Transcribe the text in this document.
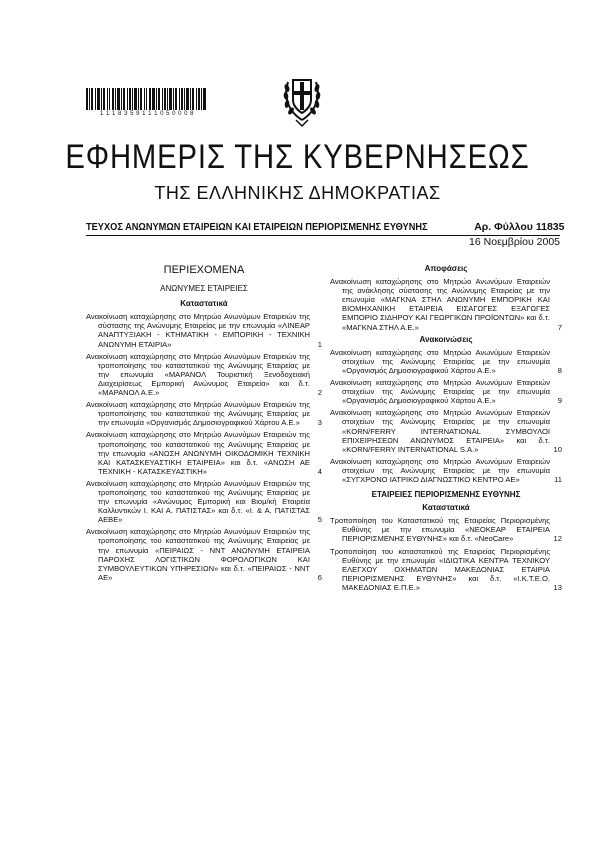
1 1 1 8 3 5 9 1 1 1 0 5 0 0 0 8
ΕΦΗΜΕΡΙΣ ΤΗΣ ΚΥΒΕΡΝΗΣΕΩΣ
ΤΗΣ ΕΛΛΗΝΙΚΗΣ ΔΗΜΟΚΡΑΤΙΑΣ
ΤΕΥΧΟΣ ΑΝΩΝΥΜΩΝ ΕΤΑΙΡΕΙΩΝ ΚΑΙ ΕΤΑΙΡΕΙΩΝ ΠΕΡΙΟΡΙΣΜΕΝΗΣ ΕΥΘΥΝΗΣ	Αρ. Φύλλου 11835
16 Νοεμβρίου 2005
ΠΕΡΙΕΧΟΜΕΝΑ
ΑΝΩΝΥΜΕΣ ΕΤΑΙΡΕΙΕΣ
Καταστατικά
Ανακοίνωση καταχώρησης στο Μητρώο Ανωνύμων Εταιρειών της σύστασης της Ανώνυμης Εταιρείας με την επωνυμία «ΛΙΝΕΑΡ ΑΝΑΠΤΥΞΙΑΚΗ - ΚΤΗΜΑΤΙΚΗ - ΕΜΠΟΡΙΚΗ - ΤΕΧΝΙΚΗ ΑΝΩΝΥΜΗ ΕΤΑΙΡΙΑ»	1
Ανακοίνωση καταχώρησης στο Μητρώο Ανωνύμων Εταιρειών της τροποποίησης του καταστατικού της Ανώνυμης Εταιρείας με την επωνυμία «ΜΑΡΑΝΟΛ Τουριστική Ξενοδοχειακή Διαχειρίσεως Εμπορική Ανώνυμος Εταιρεία» και δ.τ. «ΜΑΡΑΝΟΛ Α.Ε.»	2
Ανακοίνωση καταχώρησης στο Μητρώο Ανωνύμων Εταιρειών της τροποποίησης του καταστατικού της Ανώνυμης Εταιρείας με την επωνυμία «Οργανισμός Δημοσιογραφικού Χάρτου Α.Ε.»	3
Ανακοίνωση καταχώρησης στο Μητρώο Ανωνύμων Εταιρειών της τροποποίησης του καταστατικού της Ανώνυμης Εταιρείας με την επωνυμία «ΑΝΩΣΗ ΑΝΩΝΥΜΗ ΟΙΚΟΔΟΜΙΚΗ ΤΕΧΝΙΚΗ ΚΑΙ ΚΑΤΑΣΚΕΥΑΣΤΙΚΗ ΕΤΑΙΡΕΙΑ» και δ.τ. «ΑΝΩΣΗ ΑΕ ΤΕΧΝΙΚΗ - ΚΑΤΑΣΚΕΥΑΣΤΙΚΗ»	4
Ανακοίνωση καταχώρησης στο Μητρώο Ανωνύμων Εταιρειών της τροποποίησης του καταστατικού της Ανώνυμης Εταιρείας με την επωνυμία «Ανώνυμος Εμπορική και Βιομ/κή Εταιρεία Καλλυντικών Ι. ΚΑΙ Α. ΠΑΤΙΣΤΑΣ» και δ.τ. «Ι. & Α. ΠΑΤΙΣΤΑΣ ΑΕΒΕ»	5
Ανακοίνωση καταχώρησης στο Μητρώο Ανωνύμων Εταιρειών της τροποποίησης του καταστατικού της Ανώνυμης Εταιρείας με την επωνυμία «ΠΕΙΡΑΙΩΣ - ΝΝΤ ΑΝΩΝΥΜΗ ΕΤΑΙΡΕΙΑ ΠΑΡΟΧΗΣ ΛΟΓΙΣΤΙΚΩΝ ΦΟΡΟΛΟΓΙΚΩΝ ΚΑΙ ΣΥΜΒΟΥΛΕΥΤΙΚΩΝ ΥΠΗΡΕΣΙΩΝ» και δ.τ. «ΠΕΙΡΑΙΩΣ - ΝΝΤ ΑΕ»	6
Αποφάσεις
Ανακοίνωση καταχώρησης στο Μητρώο Ανωνύμων Εταιρειών της ανάκλησης σύστασης της Ανώνυμης Εταιρείας με την επωνυμία «ΜΑΓΚΝΑ ΣΤΗΛ ΑΝΩΝΥΜΗ ΕΜΠΟΡΙΚΗ ΚΑΙ ΒΙΟΜΗΧΑΝΙΚΗ ΕΤΑΙΡΕΙΑ ΕΙΣΑΓΩΓΕΣ ΕΞΑΓΩΓΕΣ ΕΜΠΟΡΙΟ ΣΙΔΗΡΟΥ ΚΑΙ ΓΕΩΡΓΙΚΩΝ ΠΡΟΪΟΝΤΩΝ» και δ.τ. «ΜΑΓΚΝΑ ΣΤΗΛ Α.Ε.»	7
Ανακοινώσεις
Ανακοίνωση καταχώρησης στο Μητρώο Ανωνύμων Εταιρειών στοιχείων της Ανώνυμης Εταιρείας με την επωνυμία «Οργανισμός Δημοσιογραφικού Χάρτου Α.Ε.»	8
Ανακοίνωση καταχώρησης στο Μητρώο Ανωνύμων Εταιρειών στοιχείων της Ανώνυμης Εταιρείας με την επωνυμία «Οργανισμός Δημοσιογραφικού Χάρτου Α.Ε.»	9
Ανακοίνωση καταχώρησης στο Μητρώο Ανωνύμων Εταιρειών στοιχείων της Ανώνυμης Εταιρείας με την επωνυμία «KORN/FERRY INTERNATIONAL ΣΥΜΒΟΥΛΟΙ ΕΠΙΧΕΙΡΗΣΕΩΝ ΑΝΩΝΥΜΟΣ ΕΤΑΙΡΕΙΑ» και δ.τ. «KORN/FERRY INTERNATIONAL S.A.»	10
Ανακοίνωση καταχώρησης στο Μητρώο Ανωνύμων Εταιρειών στοιχείων της Ανώνυμης Εταιρείας με την επωνυμία «ΣΥΓΧΡΟΝΟ ΙΑΤΡΙΚΟ ΔΙΑΓΝΩΣΤΙΚΟ ΚΕΝΤΡΟ ΑΕ»	11
ΕΤΑΙΡΕΙΕΣ ΠΕΡΙΟΡΙΣΜΕΝΗΣ ΕΥΘΥΝΗΣ
Καταστατικά
Τροποποίηση του Καταστατικού της Εταιρείας Περιορισμένης Ευθύνης με την επωνυμία «ΝΕΟΚΕΑΡ ΕΤΑΙΡΕΙΑ ΠΕΡΙΟΡΙΣΜΕΝΗΣ ΕΥΘΥΝΗΣ» και δ.τ. «NeoCare»	12
Τροποποίηση του καταστατικού της Εταιρείας Περιορισμένης Ευθύνης με την επωνυμία «ΙΔΙΩΤΙΚΑ ΚΕΝΤΡΑ ΤΕΧΝΙΚΟΥ ΕΛΕΓΧΟΥ ΟΧΗΜΑΤΩΝ ΜΑΚΕΔΟΝΙΑΣ ΕΤΑΙΡΙΑ ΠΕΡΙΟΡΙΣΜΕΝΗΣ ΕΥΘΥΝΗΣ» και δ.τ. «Ι.Κ.Τ.Ε.Ο. ΜΑΚΕΔΟΝΙΑΣ Ε.Π.Ε.»	13
